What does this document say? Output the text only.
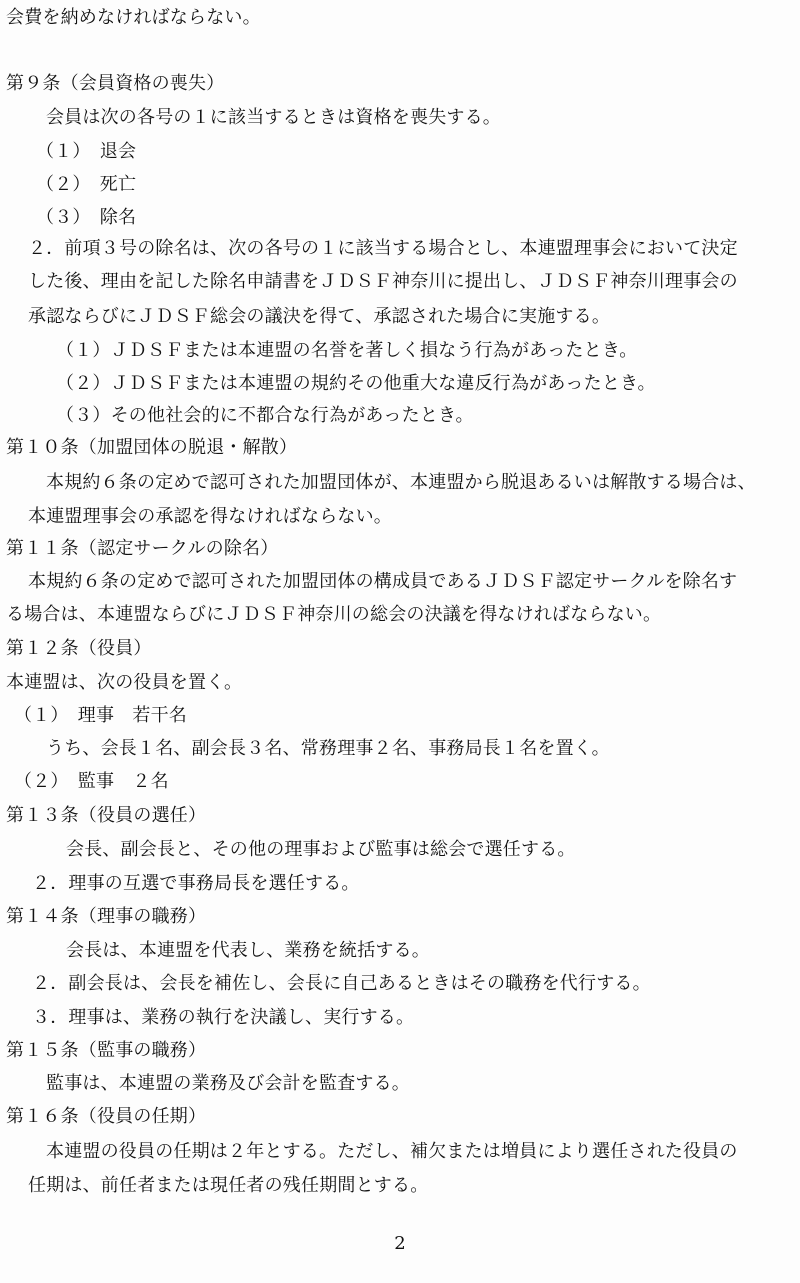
会費を納めなければならない。
第９条（会員資格の喪失）
会員は次の各号の１に該当するときは資格を喪失する。
（１）　退会
（２）　死亡
（３）　除名
２．前項３号の除名は、次の各号の１に該当する場合とし、本連盟理事会において決定
した後、理由を記した除名申請書をＪＤＳＦ神奈川に提出し、ＪＤＳＦ神奈川理事会の
承認ならびにＪＤＳＦ総会の議決を得て、承認された場合に実施する。
（１）ＪＤＳＦまたは本連盟の名誉を著しく損なう行為があったとき。
（２）ＪＤＳＦまたは本連盟の規約その他重大な違反行為があったとき。
（３）その他社会的に不都合な行為があったとき。
第１０条（加盟団体の脱退・解散）
本規約６条の定めで認可された加盟団体が、本連盟から脱退あるいは解散する場合は、
本連盟理事会の承認を得なければならない。
第１１条（認定サークルの除名）
本規約６条の定めで認可された加盟団体の構成員であるＪＤＳＦ認定サークルを除名す
る場合は、本連盟ならびにＪＤＳＦ神奈川の総会の決議を得なければならない。
第１２条（役員）
本連盟は、次の役員を置く。
（１）　理事　若干名
うち、会長１名、副会長３名、常務理事２名、事務局長１名を置く。
（２）　監事　２名
第１３条（役員の選任）
会長、副会長と、その他の理事および監事は総会で選任する。
２．理事の互選で事務局長を選任する。
第１４条（理事の職務）
会長は、本連盟を代表し、業務を統括する。
２．副会長は、会長を補佐し、会長に自己あるときはその職務を代行する。
３．理事は、業務の執行を決議し、実行する。
第１５条（監事の職務）
監事は、本連盟の業務及び会計を監査する。
第１６条（役員の任期）
本連盟の役員の任期は２年とする。ただし、補欠または増員により選任された役員の
任期は、前任者または現任者の残任期間とする。
2
